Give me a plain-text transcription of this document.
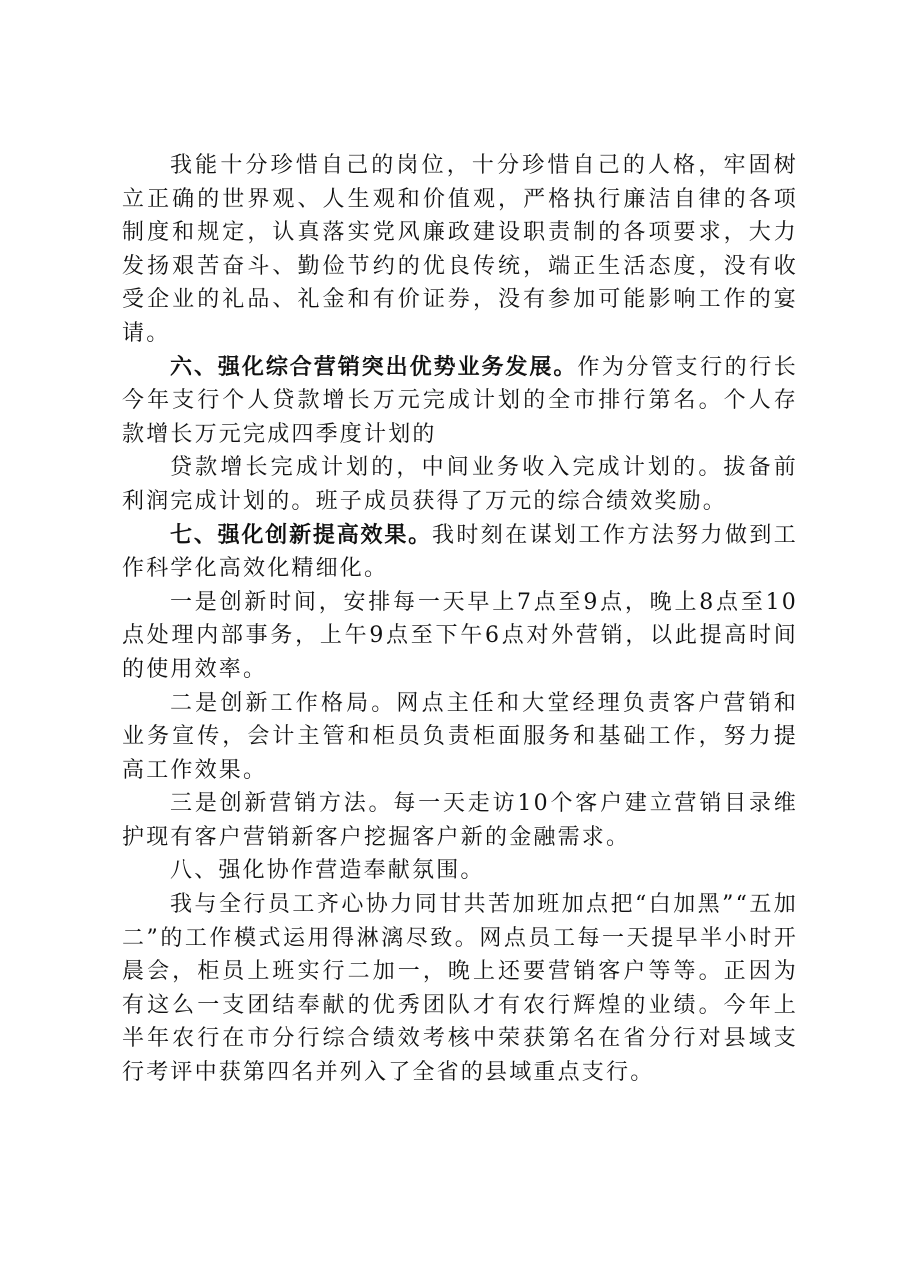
我能十分珍惜自己的岗位，十分珍惜自己的人格，牢固树立正确的世界观、人生观和价值观，严格执行廉洁自律的各项制度和规定，认真落实党风廉政建设职责制的各项要求，大力发扬艰苦奋斗、勤俭节约的优良传统，端正生活态度，没有收受企业的礼品、礼金和有价证券，没有参加可能影响工作的宴请。

六、强化综合营销突出优势业务发展。作为分管支行的行长今年支行个人贷款增长万元完成计划的全市排行第名。个人存款增长万元完成四季度计划的

贷款增长完成计划的，中间业务收入完成计划的。拔备前利润完成计划的。班子成员获得了万元的综合绩效奖励。

七、强化创新提高效果。我时刻在谋划工作方法努力做到工作科学化高效化精细化。

一是创新时间，安排每一天早上7点至9点，晚上8点至10点处理内部事务，上午9点至下午6点对外营销，以此提高时间的使用效率。

二是创新工作格局。网点主任和大堂经理负责客户营销和业务宣传，会计主管和柜员负责柜面服务和基础工作，努力提高工作效果。

三是创新营销方法。每一天走访10个客户建立营销目录维护现有客户营销新客户挖掘客户新的金融需求。

八、强化协作营造奉献氛围。

我与全行员工齐心协力同甘共苦加班加点把“白加黑”“五加二”的工作模式运用得淋漓尽致。网点员工每一天提早半小时开晨会，柜员上班实行二加一，晚上还要营销客户等等。正因为有这么一支团结奉献的优秀团队才有农行辉煌的业绩。今年上半年农行在市分行综合绩效考核中荣获第名在省分行对县域支行考评中获第四名并列入了全省的县域重点支行。
